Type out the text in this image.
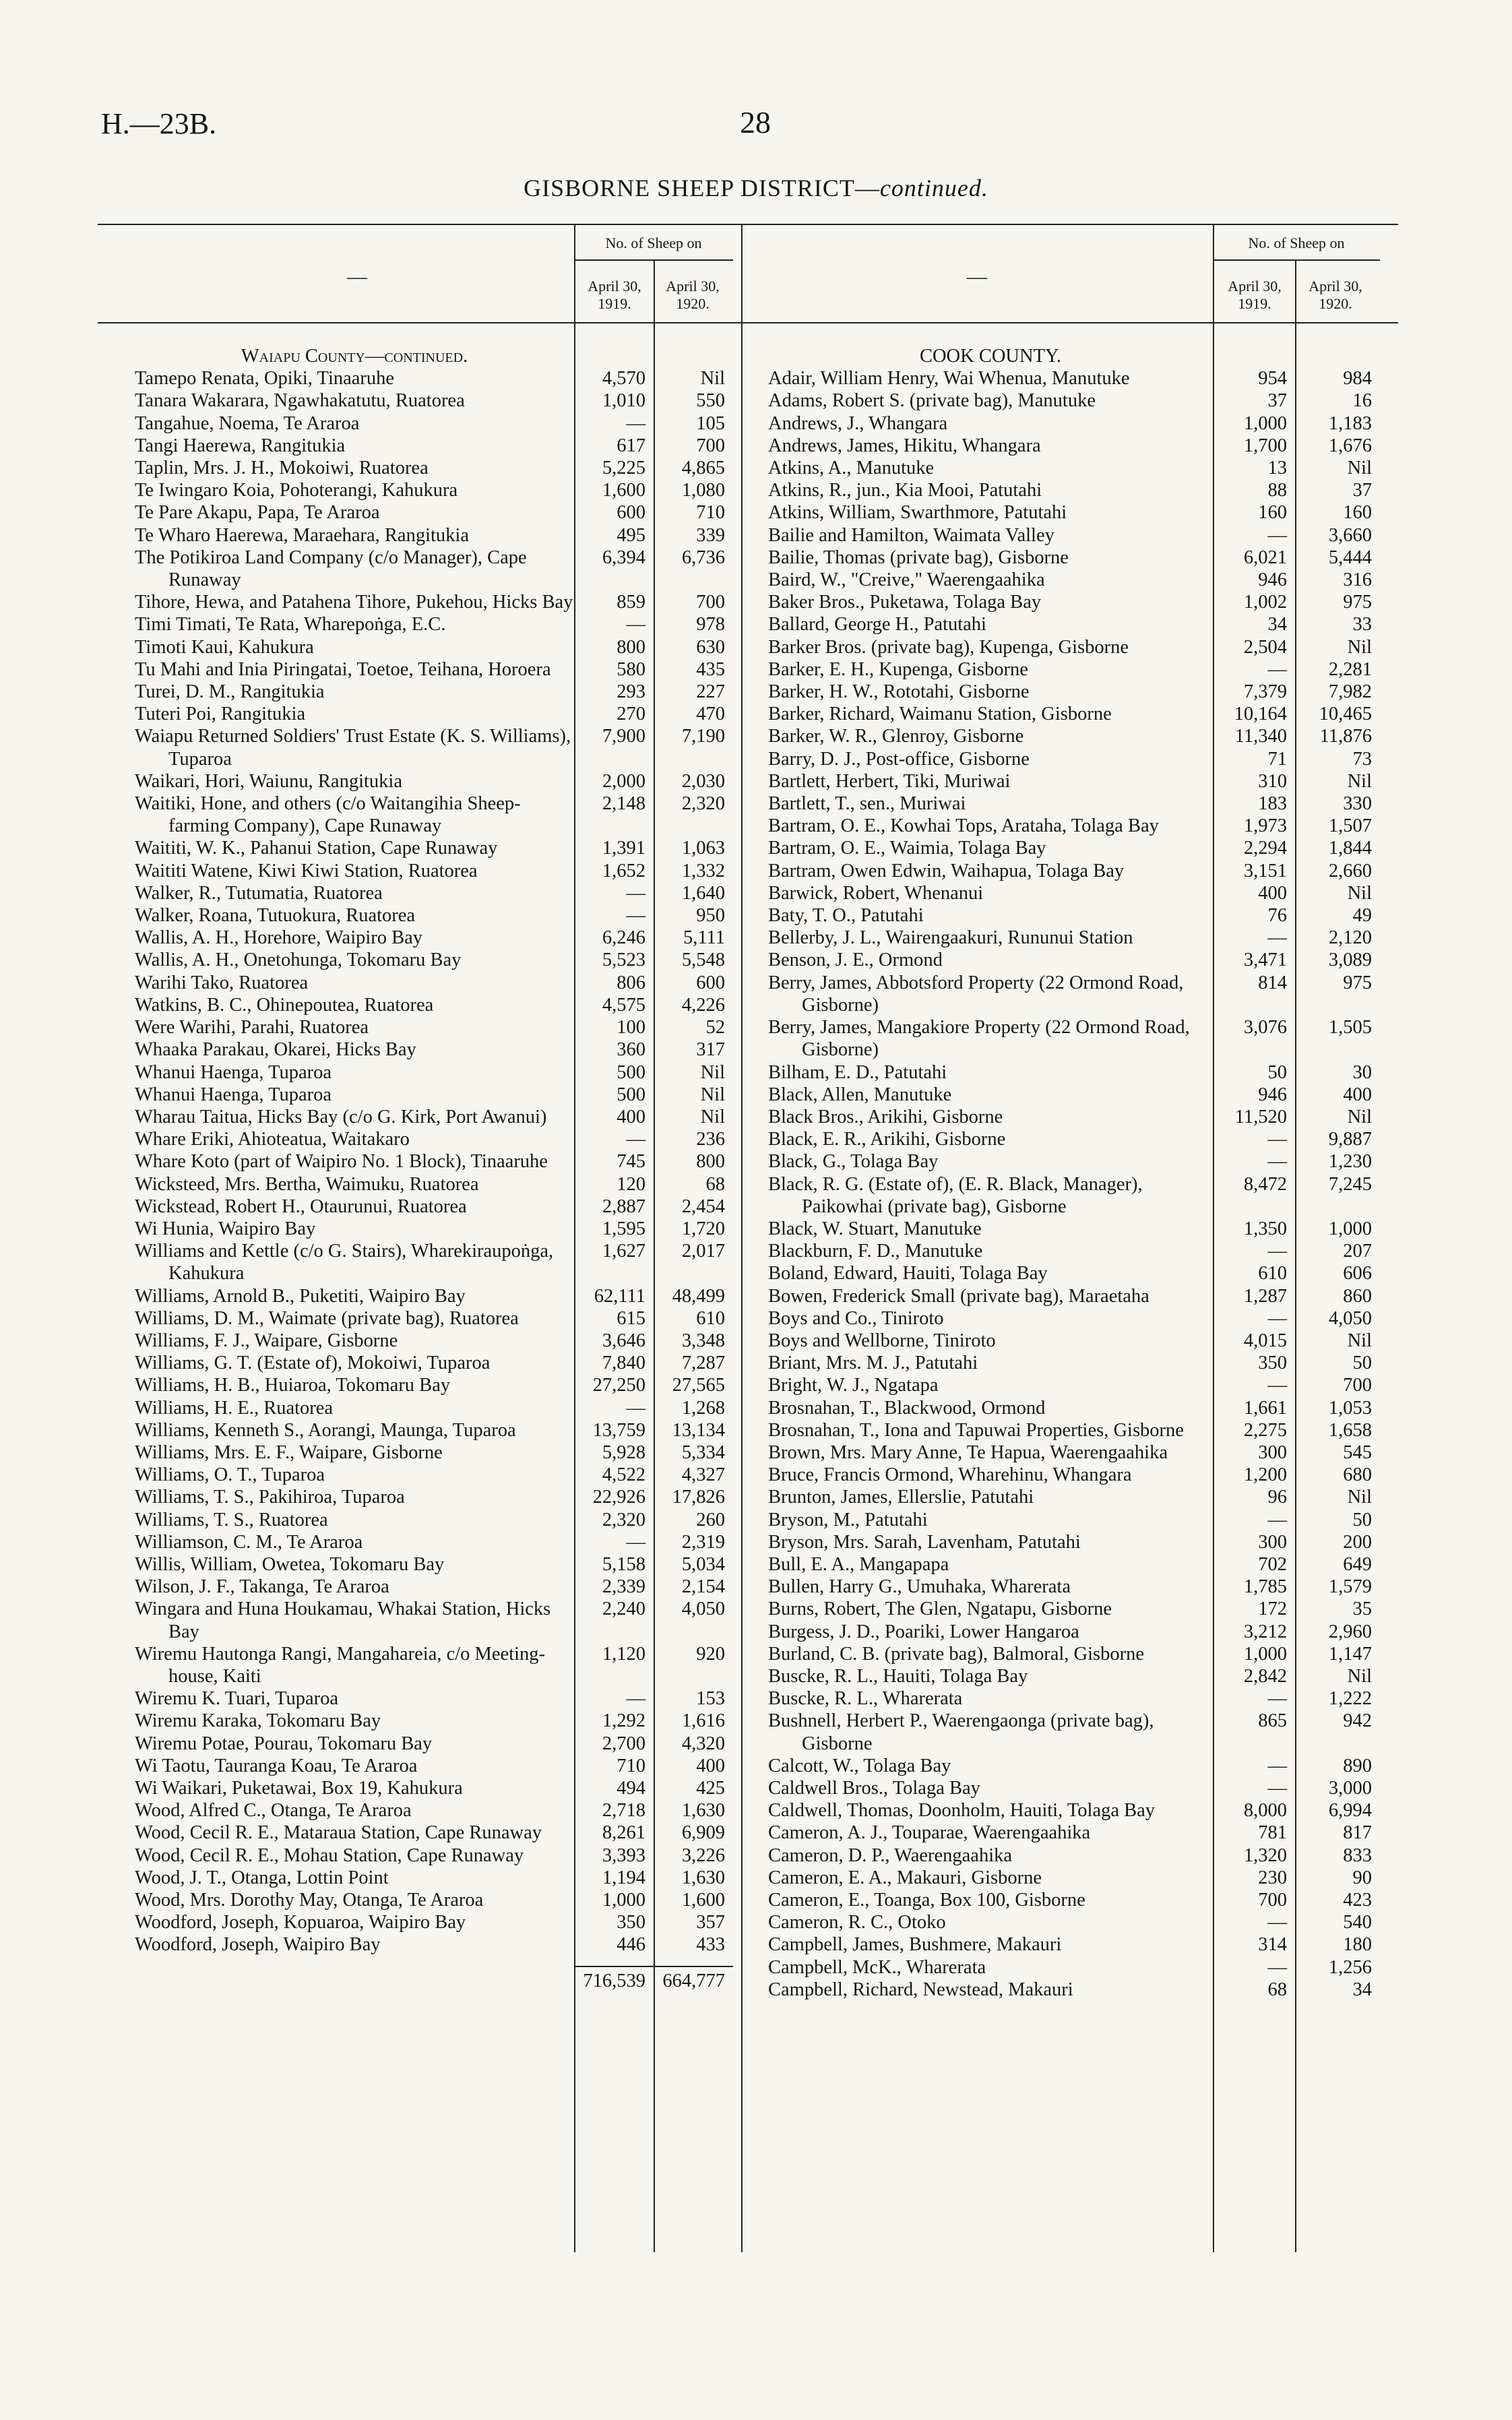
H.—23B.	28
GISBORNE SHEEP DISTRICT—continued.
—
No. of Sheep on
April 30, 1919.
April 30, 1920.
—
No. of Sheep on
April 30, 1919.
April 30, 1920.
Waiapu County—continued.
Tamepo Renata, Opiki, Tinaaruhe	4,570	Nil
Tanara Wakarara, Ngawhakatutu, Ruatorea	1,010	550
Tangahue, Noema, Te Araroa	—	105
Tangi Haerewa, Rangitukia	617	700
Taplin, Mrs. J. H., Mokoiwi, Ruatorea	5,225	4,865
Te Iwingaro Koia, Pohoterangi, Kahukura	1,600	1,080
Te Pare Akapu, Papa, Te Araroa	600	710
Te Wharo Haerewa, Maraehara, Rangitukia	495	339
The Potikiroa Land Company (c/o Manager), Cape Runaway
6,394	6,736
Tihore, Hewa, and Patahena Tihore, Pukehou, Hicks Bay	859	700
Timi Timati, Te Rata, Wharepoṅga, E.C.	—	978
Timoti Kaui, Kahukura	800	630
Tu Mahi and Inia Piringatai, Toetoe, Teihana, Horoera	580	435
Turei, D. M., Rangitukia	293	227
Tuteri Poi, Rangitukia	270	470
Waiapu Returned Soldiers' Trust Estate (K. S. Williams), Tuparoa
7,900	7,190
Waikari, Hori, Waiunu, Rangitukia	2,000	2,030
Waitiki, Hone, and others (c/o Waitangihia Sheep-farming Company), Cape Runaway
2,148	2,320
Waititi, W. K., Pahanui Station, Cape Runaway	1,391	1,063
Waititi Watene, Kiwi Kiwi Station, Ruatorea	1,652	1,332
Walker, R., Tutumatia, Ruatorea	—	1,640
Walker, Roana, Tutuokura, Ruatorea	—	950
Wallis, A. H., Horehore, Waipiro Bay	6,246	5,111
Wallis, A. H., Onetohunga, Tokomaru Bay	5,523	5,548
Warihi Tako, Ruatorea	806	600
Watkins, B. C., Ohinepoutea, Ruatorea	4,575	4,226
Were Warihi, Parahi, Ruatorea	100	52
Whaaka Parakau, Okarei, Hicks Bay	360	317
Whanui Haenga, Tuparoa	500	Nil
Whanui Haenga, Tuparoa	500	Nil
Wharau Taitua, Hicks Bay (c/o G. Kirk, Port Awanui)	400	Nil
Whare Eriki, Ahioteatua, Waitakaro	—	236
Whare Koto (part of Waipiro No. 1 Block), Tinaaruhe	745	800
Wicksteed, Mrs. Bertha, Waimuku, Ruatorea	120	68
Wickstead, Robert H., Otaurunui, Ruatorea	2,887	2,454
Wi Hunia, Waipiro Bay	1,595	1,720
Williams and Kettle (c/o G. Stairs), Wharekiraupoṅga, Kahukura
1,627	2,017
Williams, Arnold B., Puketiti, Waipiro Bay	62,111	48,499
Williams, D. M., Waimate (private bag), Ruatorea	615	610
Williams, F. J., Waipare, Gisborne	3,646	3,348
Williams, G. T. (Estate of), Mokoiwi, Tuparoa	7,840	7,287
Williams, H. B., Huiaroa, Tokomaru Bay	27,250	27,565
Williams, H. E., Ruatorea	—	1,268
Williams, Kenneth S., Aorangi, Maunga, Tuparoa	13,759	13,134
Williams, Mrs. E. F., Waipare, Gisborne	5,928	5,334
Williams, O. T., Tuparoa	4,522	4,327
Williams, T. S., Pakihiroa, Tuparoa	22,926	17,826
Williams, T. S., Ruatorea	2,320	260
Williamson, C. M., Te Araroa	—	2,319
Willis, William, Owetea, Tokomaru Bay	5,158	5,034
Wilson, J. F., Takanga, Te Araroa	2,339	2,154
Wingara and Huna Houkamau, Whakai Station, Hicks Bay
2,240	4,050
Wiremu Hautonga Rangi, Mangahareia, c/o Meeting-house, Kaiti
1,120	920
Wiremu K. Tuari, Tuparoa	—	153
Wiremu Karaka, Tokomaru Bay	1,292	1,616
Wiremu Potae, Pourau, Tokomaru Bay	2,700	4,320
Wi Taotu, Tauranga Koau, Te Araroa	710	400
Wi Waikari, Puketawai, Box 19, Kahukura	494	425
Wood, Alfred C., Otanga, Te Araroa	2,718	1,630
Wood, Cecil R. E., Mataraua Station, Cape Runaway	8,261	6,909
Wood, Cecil R. E., Mohau Station, Cape Runaway	3,393	3,226
Wood, J. T., Otanga, Lottin Point	1,194	1,630
Wood, Mrs. Dorothy May, Otanga, Te Araroa	1,000	1,600
Woodford, Joseph, Kopuaroa, Waipiro Bay	350	357
Woodford, Joseph, Waipiro Bay	446	433
716,539 664,777
COOK COUNTY.
Adair, William Henry, Wai Whenua, Manutuke	954	984
Adams, Robert S. (private bag), Manutuke	37	16
Andrews, J., Whangara	1,000	1,183
Andrews, James, Hikitu, Whangara	1,700	1,676
Atkins, A., Manutuke	13	Nil
Atkins, R., jun., Kia Mooi, Patutahi	88	37
Atkins, William, Swarthmore, Patutahi	160	160
Bailie and Hamilton, Waimata Valley	—	3,660
Bailie, Thomas (private bag), Gisborne	6,021	5,444
Baird, W., "Creive," Waerengaahika	946	316
Baker Bros., Puketawa, Tolaga Bay	1,002	975
Ballard, George H., Patutahi	34	33
Barker Bros. (private bag), Kupenga, Gisborne	2,504	Nil
Barker, E. H., Kupenga, Gisborne	—	2,281
Barker, H. W., Rototahi, Gisborne	7,379	7,982
Barker, Richard, Waimanu Station, Gisborne	10,164	10,465
Barker, W. R., Glenroy, Gisborne	11,340	11,876
Barry, D. J., Post-office, Gisborne	71	73
Bartlett, Herbert, Tiki, Muriwai	310	Nil
Bartlett, T., sen., Muriwai	183	330
Bartram, O. E., Kowhai Tops, Arataha, Tolaga Bay	1,973	1,507
Bartram, O. E., Waimia, Tolaga Bay	2,294	1,844
Bartram, Owen Edwin, Waihapua, Tolaga Bay	3,151	2,660
Barwick, Robert, Whenanui	400	Nil
Baty, T. O., Patutahi	76	49
Bellerby, J. L., Wairengaakuri, Rununui Station	—	2,120
Benson, J. E., Ormond	3,471	3,089
Berry, James, Abbotsford Property (22 Ormond Road, Gisborne)
814	975
Berry, James, Mangakiore Property (22 Ormond Road, Gisborne)
3,076	1,505
Bilham, E. D., Patutahi	50	30
Black, Allen, Manutuke	946	400
Black Bros., Arikihi, Gisborne	11,520	Nil
Black, E. R., Arikihi, Gisborne	—	9,887
Black, G., Tolaga Bay	—	1,230
Black, R. G. (Estate of), (E. R. Black, Manager), Paikowhai (private bag), Gisborne
8,472	7,245
Black, W. Stuart, Manutuke	1,350	1,000
Blackburn, F. D., Manutuke	—	207
Boland, Edward, Hauiti, Tolaga Bay	610	606
Bowen, Frederick Small (private bag), Maraetaha	1,287	860
Boys and Co., Tiniroto	—	4,050
Boys and Wellborne, Tiniroto	4,015	Nil
Briant, Mrs. M. J., Patutahi	350	50
Bright, W. J., Ngatapa	—	700
Brosnahan, T., Blackwood, Ormond	1,661	1,053
Brosnahan, T., Iona and Tapuwai Properties, Gisborne	2,275	1,658
Brown, Mrs. Mary Anne, Te Hapua, Waerengaahika	300	545
Bruce, Francis Ormond, Wharehinu, Whangara	1,200	680
Brunton, James, Ellerslie, Patutahi	96	Nil
Bryson, M., Patutahi	—	50
Bryson, Mrs. Sarah, Lavenham, Patutahi	300	200
Bull, E. A., Mangapapa	702	649
Bullen, Harry G., Umuhaka, Wharerata	1,785	1,579
Burns, Robert, The Glen, Ngatapu, Gisborne	172	35
Burgess, J. D., Poariki, Lower Hangaroa	3,212	2,960
Burland, C. B. (private bag), Balmoral, Gisborne	1,000	1,147
Buscke, R. L., Hauiti, Tolaga Bay	2,842	Nil
Buscke, R. L., Wharerata	—	1,222
Bushnell, Herbert P., Waerengaonga (private bag), Gisborne
865	942
Calcott, W., Tolaga Bay	—	890
Caldwell Bros., Tolaga Bay	—	3,000
Caldwell, Thomas, Doonholm, Hauiti, Tolaga Bay	8,000	6,994
Cameron, A. J., Touparae, Waerengaahika	781	817
Cameron, D. P., Waerengaahika	1,320	833
Cameron, E. A., Makauri, Gisborne	230	90
Cameron, E., Toanga, Box 100, Gisborne	700	423
Cameron, R. C., Otoko	—	540
Campbell, James, Bushmere, Makauri	314	180
Campbell, McK., Wharerata	—	1,256
Campbell, Richard, Newstead, Makauri	68	34
